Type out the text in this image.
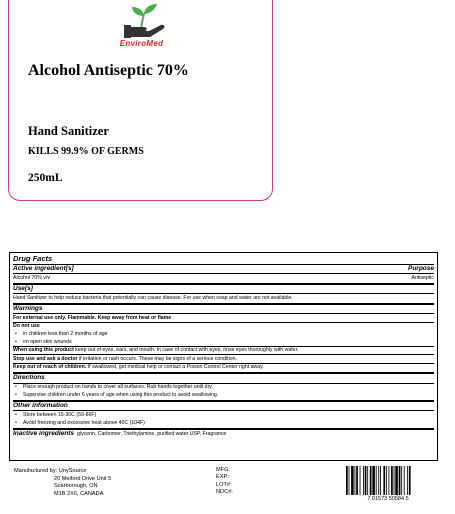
EnviroMed
Alcohol Antiseptic 70%
Hand Sanitizer
KILLS 99.9% OF GERMS
250mL
Drug Facts
Active ingredient[s]	Purpose
Alcohol 70% v/v	Antiseptic
Use[s]
Hand Sanitizer to help reduce bacteria that potentially can cause disease. For use when soap and water are not available.
Warnings
For external use only. Flammable. Keep away from heat or flame
Do not use
•	in children less than 2 months of age
•	on open skin wounds
When using this product keep out of eyes, ears, and mouth. In case of contact with eyes, rinse eyes thoroughly with water.
Stop use and ask a doctor if irritation or rash occurs. These may be signs of a serious condition.
Keep out of reach of children. If swallowed, get medical help or contact a Poison Control Center right away.
Directions
•	Place enough product on hands to cover all surfaces. Rub hands together until dry.
•	Supervise children under 6 years of age when using this product to avoid swallowing.
Other information
•	Store between 15-30C (59-86F)
•	Avoid freezing and excessive heat above 40C (104F)
Inactive ingredients glycerin, Carbomer, Triethylamine, purified water USP, Fragrance
Manufactured by: UnySource
20 Melford Drive Unit 5
Scarborough, ON
M1B 2X6, CANADA
MFG:
EXP:
LOT#:
NDC#:
7 01573 50584 5
